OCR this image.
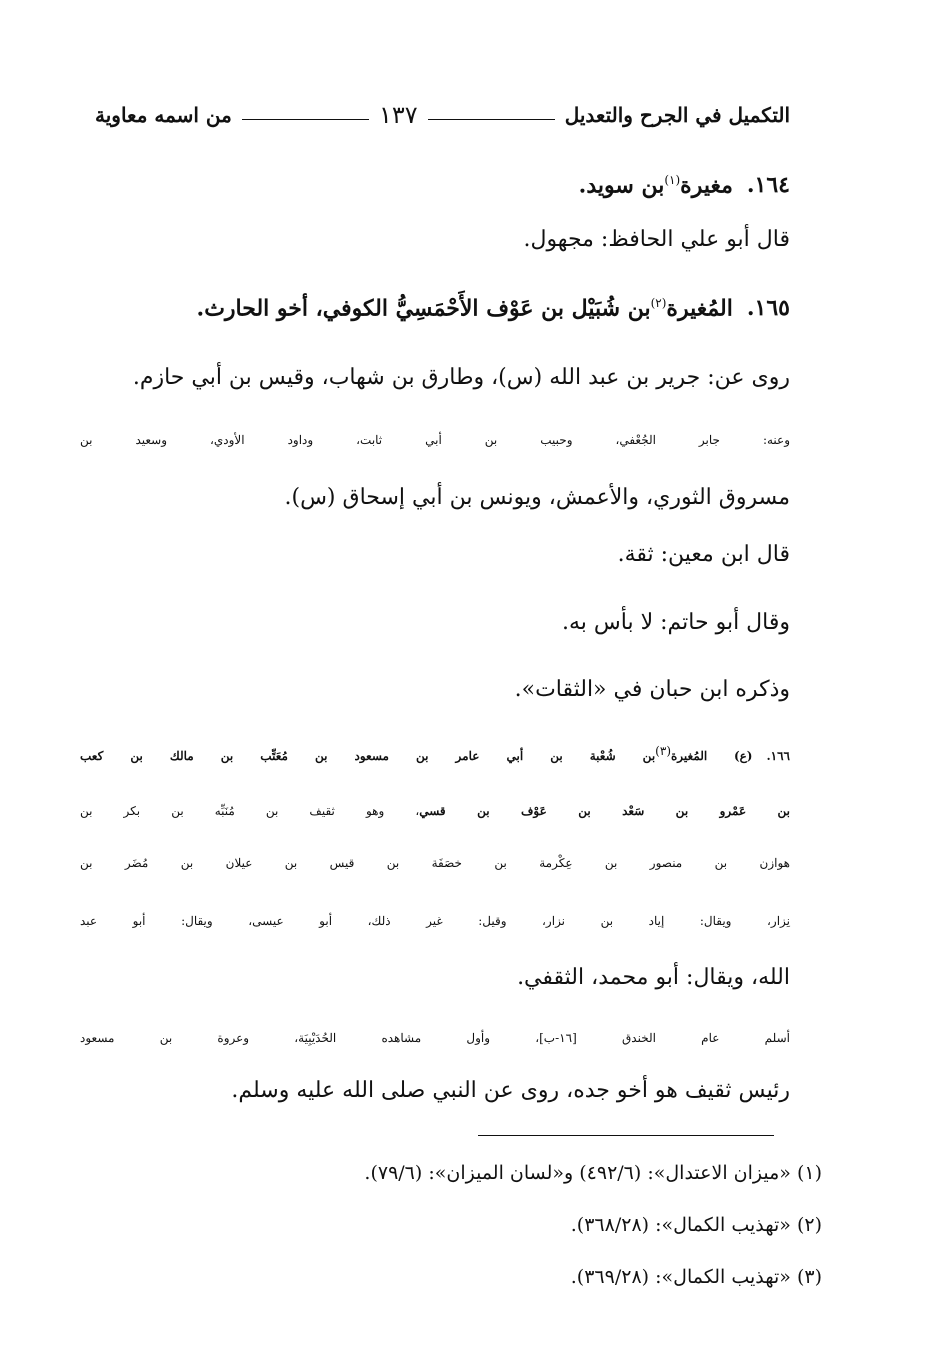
من اسمه معاوية	١٣٧	التكميل في الجرح والتعديل

١٦٤.مغيرة$^{(١)}$بن سويد.

قال أبو علي الحافظ: مجهول.

١٦٥.المُغيرة$^{(٢)}$بن شُبَيْل بن عَوْف الأَحْمَسِيُّ الكوفي، أخو الحارث.

روى عن: جرير بن عبد الله (س)، وطارق بن شهاب، وقيس بن أبي حازم.

وعنه: جابر الجُعْفي، وحبيب بن أبي ثابت، وداود الأودي، وسعيد بن

مسروق الثوري، والأعمش، ويونس بن أبي إسحاق (س).

قال ابن معين: ثقة.

وقال أبو حاتم: لا بأس به.

وذكره ابن حبان في «الثقات».

١٦٦.(ع) المُغيرة$^{(٣)}$بن شُعْبة بن أبي عامر بن مسعود بن مُعَتِّب بن مالك بن كعب

بن عَمْرو بن سَعْد بن عَوْف بن قسي، وهو ثقيف بن مُنَبِّه بن بكر بن

هوازن بن منصور بن عِكْرمة بن خصَفَة بن قيس بن عيلان بن مُضَر بن

نِزار، ويقال: إياد بن نزار، وقيل: غير ذلك، أبو عيسى، ويقال: أبو عبد

الله، ويقال: أبو محمد، الثقفي.

أسلم عام الخندق [١٦-ب]، وأول مشاهده الحُدَيْبِيَة، وعروة بن مسعود

رئيس ثقيف هو أخو جده، روى عن النبي صلى الله عليه وسلم.

(١) «ميزان الاعتدال»: (٤٩٢/٦) و«لسان الميزان»: (٧٩/٦).

(٢) «تهذيب الكمال»: (٣٦٨/٢٨).

(٣) «تهذيب الكمال»: (٣٦٩/٢٨).
